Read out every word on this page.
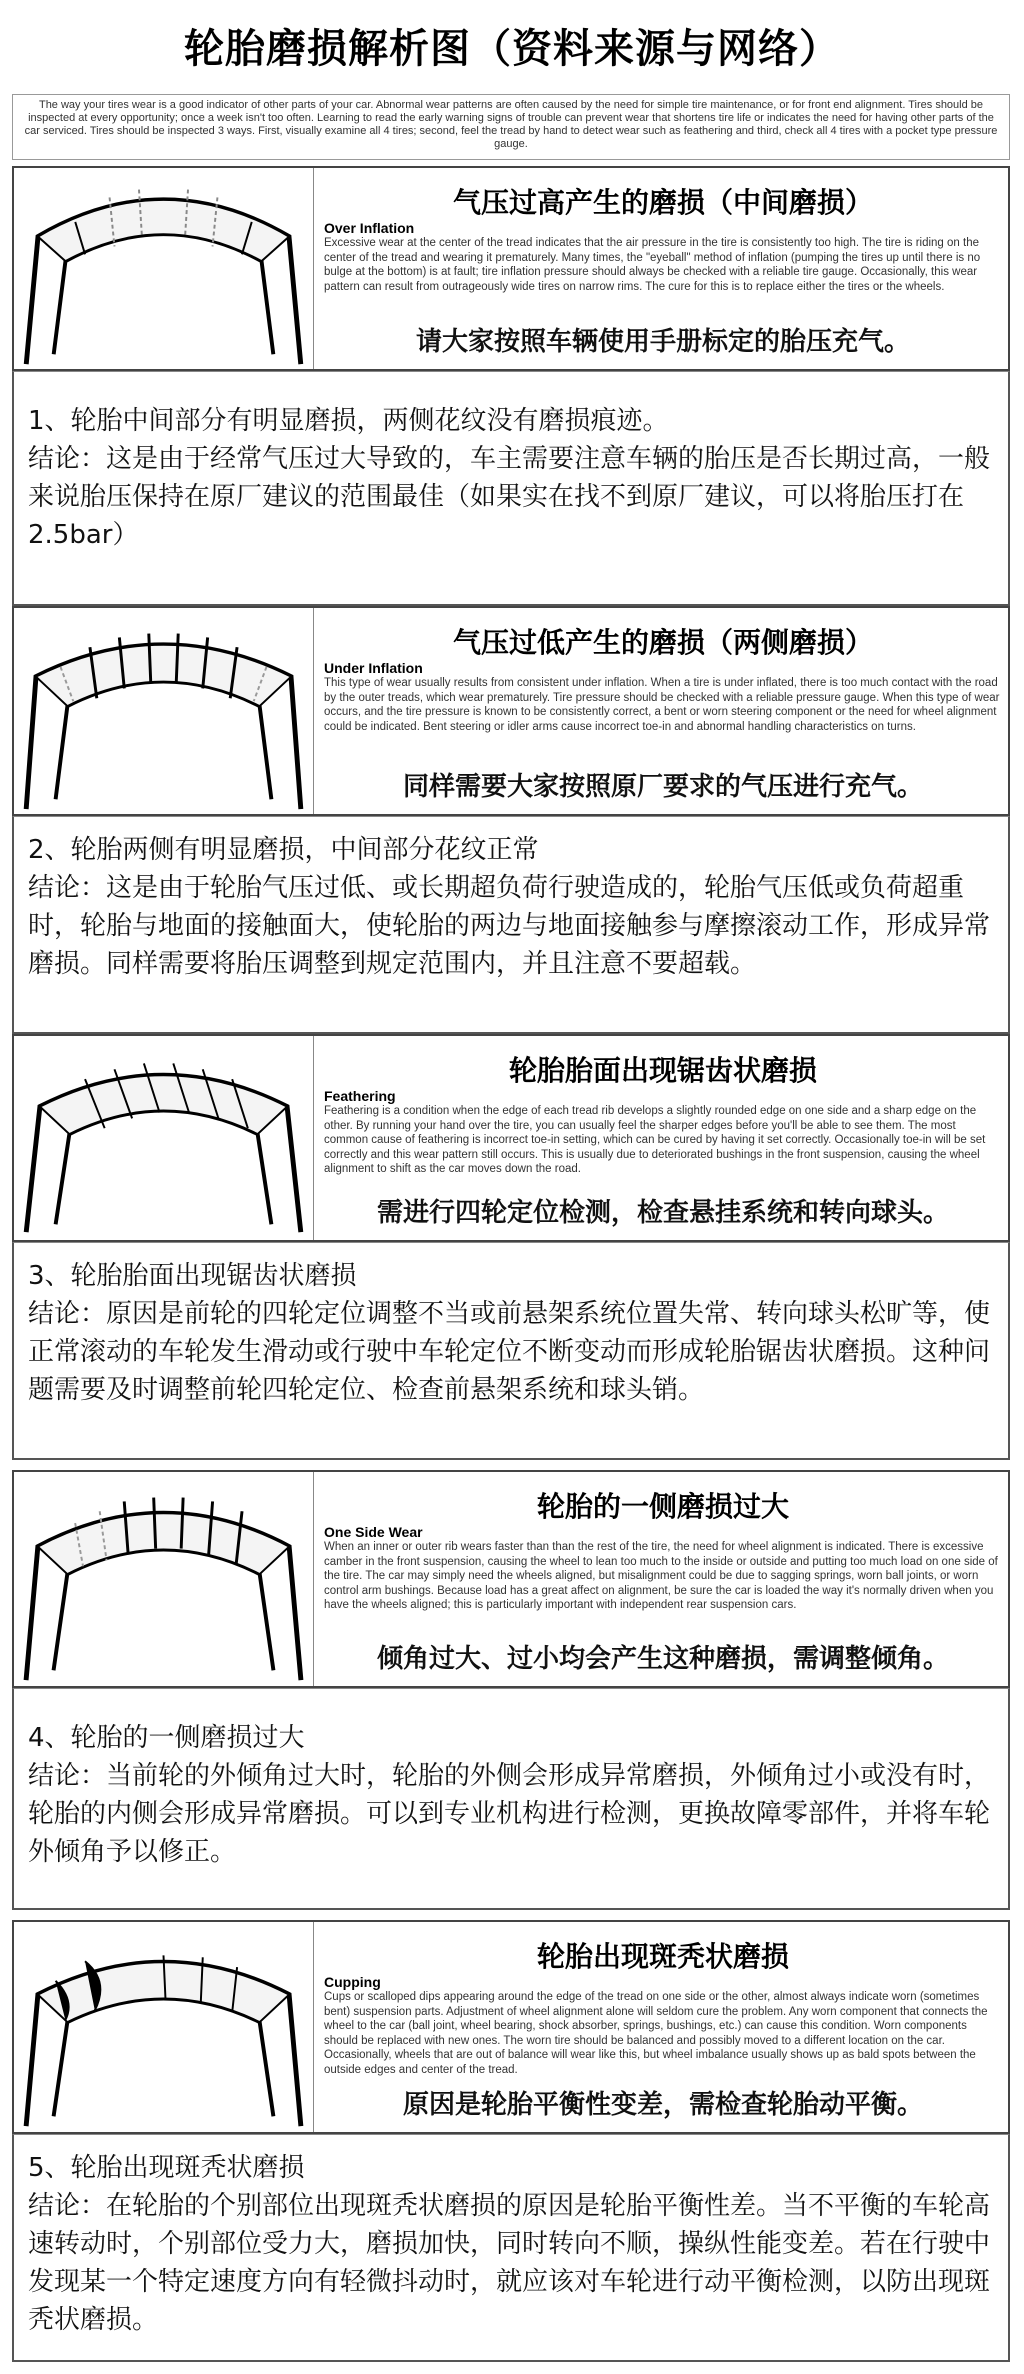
轮胎磨损解析图（资料来源与网络）
The way your tires wear is a good indicator of other parts of your car. Abnormal wear patterns are often caused by the need for simple tire maintenance, or for front end alignment. Tires should be inspected at every opportunity; once a week isn't too often. Learning to read the early warning signs of trouble can prevent wear that shortens tire life or indicates the need for having other parts of the car serviced. Tires should be inspected 3 ways. First, visually examine all 4 tires; second, feel the tread by hand to detect wear such as feathering and third, check all 4 tires with a pocket type pressure gauge.
气压过高产生的磨损（中间磨损）
Over Inflation
Excessive wear at the center of the tread indicates that the air pressure in the tire is consistently too high. The tire is riding on the center of the tread and wearing it prematurely. Many times, the "eyeball" method of inflation (pumping the tires up until there is no bulge at the bottom) is at fault; tire inflation pressure should always be checked with a reliable tire gauge. Occasionally, this wear pattern can result from outrageously wide tires on narrow rims. The cure for this is to replace either the tires or the wheels.
请大家按照车辆使用手册标定的胎压充气。

1、轮胎中间部分有明显磨损，两侧花纹没有磨损痕迹。

结论：这是由于经常气压过大导致的，车主需要注意车辆的胎压是否长期过高，一般来说胎压保持在原厂建议的范围最佳（如果实在找不到原厂建议，可以将胎压打在2.5bar）

气压过低产生的磨损（两侧磨损）
Under Inflation
This type of wear usually results from consistent under inflation. When a tire is under inflated, there is too much contact with the road by the outer treads, which wear prematurely. Tire pressure should be checked with a reliable pressure gauge. When this type of wear occurs, and the tire pressure is known to be consistently correct, a bent or worn steering component or the need for wheel alignment could be indicated. Bent steering or idler arms cause incorrect toe-in and abnormal handling characteristics on turns.
同样需要大家按照原厂要求的气压进行充气。

2、轮胎两侧有明显磨损，中间部分花纹正常

结论：这是由于轮胎气压过低、或长期超负荷行驶造成的，轮胎气压低或负荷超重时，轮胎与地面的接触面大，使轮胎的两边与地面接触参与摩擦滚动工作，形成异常磨损。同样需要将胎压调整到规定范围内，并且注意不要超载。

轮胎胎面出现锯齿状磨损
Feathering
Feathering is a condition when the edge of each tread rib develops a slightly rounded edge on one side and a sharp edge on the other. By running your hand over the tire, you can usually feel the sharper edges before you'll be able to see them. The most common cause of feathering is incorrect toe-in setting, which can be cured by having it set correctly. Occasionally toe-in will be set correctly and this wear pattern still occurs. This is usually due to deteriorated bushings in the front suspension, causing the wheel alignment to shift as the car moves down the road.
需进行四轮定位检测，检查悬挂系统和转向球头。

3、轮胎胎面出现锯齿状磨损

结论：原因是前轮的四轮定位调整不当或前悬架系统位置失常、转向球头松旷等，使正常滚动的车轮发生滑动或行驶中车轮定位不断变动而形成轮胎锯齿状磨损。这种问题需要及时调整前轮四轮定位、检查前悬架系统和球头销。

轮胎的一侧磨损过大
One Side Wear
When an inner or outer rib wears faster than than the rest of the tire, the need for wheel alignment is indicated. There is excessive camber in the front suspension, causing the wheel to lean too much to the inside or outside and putting too much load on one side of the tire. The car may simply need the wheels aligned, but misalignment could be due to sagging springs, worn ball joints, or worn control arm bushings. Because load has a great affect on alignment, be sure the car is loaded the way it's normally driven when you have the wheels aligned; this is particularly important with independent rear suspension cars.
倾角过大、过小均会产生这种磨损，需调整倾角。

4、轮胎的一侧磨损过大

结论：当前轮的外倾角过大时，轮胎的外侧会形成异常磨损，外倾角过小或没有时，轮胎的内侧会形成异常磨损。可以到专业机构进行检测，更换故障零部件，并将车轮外倾角予以修正。

轮胎出现斑秃状磨损
Cupping
Cups or scalloped dips appearing around the edge of the tread on one side or the other, almost always indicate worn (sometimes bent) suspension parts. Adjustment of wheel alignment alone will seldom cure the problem. Any worn component that connects the wheel to the car (ball joint, wheel bearing, shock absorber, springs, bushings, etc.) can cause this condition. Worn components should be replaced with new ones. The worn tire should be balanced and possibly moved to a different location on the car. Occasionally, wheels that are out of balance will wear like this, but wheel imbalance usually shows up as bald spots between the outside edges and center of the tread.
原因是轮胎平衡性变差，需检查轮胎动平衡。

5、轮胎出现斑秃状磨损

结论：在轮胎的个别部位出现斑秃状磨损的原因是轮胎平衡性差。当不平衡的车轮高速转动时，个别部位受力大，磨损加快，同时转向不顺，操纵性能变差。若在行驶中发现某一个特定速度方向有轻微抖动时，就应该对车轮进行动平衡检测，以防出现斑秃状磨损。
